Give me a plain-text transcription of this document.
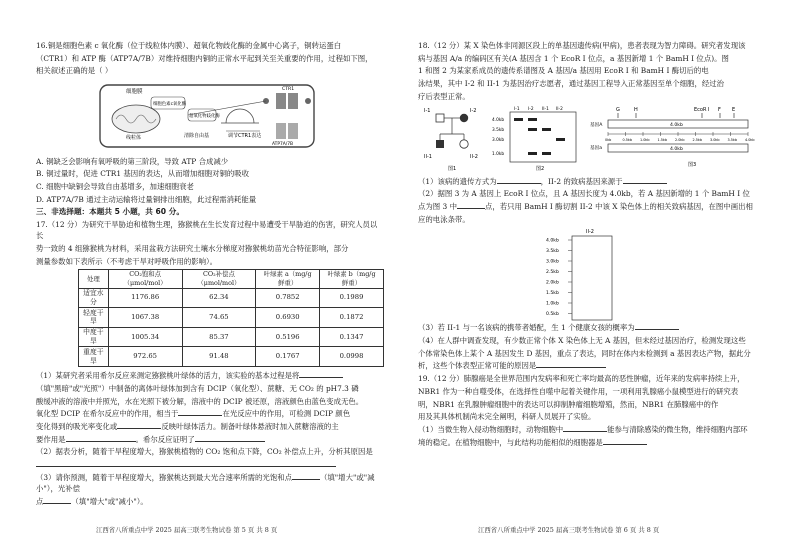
16.铜是细胞色素 c 氧化酶（位于线粒体内膜）、超氧化物歧化酶的金属中心离子，铜转运蛋白

（CTR1）和 ATP 酶（ATP7A/7B）对维持细胞内铜的正常水平起到关至关重要的作用，过程如下图，

相关叙述正确的是（ ）

细胞膜
线粒体
细胞色素c氧化酶
超氧化物歧化酶
清除自由基	调节CTR1表达
CTR1
ATP7A/7B

A. 铜缺乏会影响有氧呼吸的第三阶段，导致 ATP 合成减少

B. 铜过量时，促进 CTR1 基因的表达，从而增加细胞对铜的吸收

C. 细胞中缺铜会导致自由基增多，加速细胞衰老

D. ATP7A/7B 通过主动运输将过量铜排出细胞，此过程需消耗能量

三、非选择题：本题共 5 小题，共 60 分。

17.（12 分）为研究干旱胁迫和植物生理，猕猴桃在生长发育过程中易遭受干旱胁迫的伤害，研究人员以长

势一致的 4 组猕猴桃为材料，采用盆栽方法研究土壤水分梯度对猕猴桃幼苗光合特征影响，部分

测量参数如下表所示（不考虑干旱对呼吸作用的影响）。

处理	CO₂饱和点（μmol/mol）	CO₂补偿点（μmol/mol）	叶绿素 a（mg/g 鲜重）	叶绿素 b（mg/g 鲜重）
适宜水分	1176.86	62.34	0.7852	0.1989
轻度干旱	1067.38	74.65	0.6930	0.1872
中度干旱	1005.34	85.37	0.5196	0.1347
重度干旱	972.65	91.48	0.1767	0.0998

（1）某研究者采用希尔反应来测定猕猴桃叶绿体的活力，该实验的基本过程是将

（填"黑暗"或"光照"）中制备的离体叶绿体加到含有 DCIP（氧化型）、蔗糖、无 CO₂ 的 pH7.3 磷

酸缓冲液的溶液中并照光，水在光照下被分解，溶液中的 DCIP 被还原，溶液颜色由蓝色变成无色。

氧化型 DCIP 在希尔反应中的作用，相当于	在光反应中的作用，可检测 DCIP 颜色

变化得到的吸光率变化或	反映叶绿体活力。制备叶绿体悬液时加入蔗糖溶液的主

要作用是	。希尔反应证明了

（2）据表分析，随着干旱程度增大，猕猴桃植物的 CO₂ 饱和点下降，CO₂ 补偿点上升，分析其原因是

（3）请你预测，随着干旱程度增大，猕猴桃达到最大光合速率所需的光饱和点	（填"增大"或"减小"），光补偿

点	（填"增大"或"减小"）。

江西省八所重点中学 2025 届高三联考生物试卷 第 5 页 共 8 页

18.（12 分）某 X 染色体非同源区段上的单基因遗传病(甲病)，患者表现为智力障碍。研究者发现该

病与基因 A/a 的编码区有关(A 基因含 1 个 EcoR I 位点，a 基因新增 1 个 BamH I 位点)。图

1 和图 2 为某家系成员的遗传系谱图及 A 基因/a 基因用 EcoR I 和 BamH I 酶切后的电

泳结果，其中 I-2 和 II-1 为基因治疗志愿者，通过基因工程导入正常基因至单个细胞，经过治

疗后表型正常。

I-1	I-2
II-1	II-2
图1
I-1 I-2 II-1 II-2
4.0kb
3.5kb
3.0kb
1.0kb
图2
G	H	EcoR I F E
基因A	4.0kb
0kb	0.5kb 1.0kb 1.5kb 2.0kb 2.5kb 3.0kb 3.5kb 4.0kb
基因a	4.0kb
图3

（1）该病的遗传方式为	，II-2 的致病基因来源于

（2）据图 3 为 A 基因上 EcoR I 位点，且 A 基因长度为 4.0kb，若 A 基因新增的 1 个 BamH I 位

点为图 3 中	点，若只用 BamH I 酶切割 II-2 中该 X 染色体上的相关致病基因，在图中画出相

应的电泳条带。

II-2
4.0kb
3.5kb
3.0kb
2.5kb
2.0kb
1.5kb
1.0kb
0.5kb

（3）若 II-1 与一名该病的携带者婚配，生 1 个健康女孩的概率为

（4）在人群中调查发现，有少数正常个体 X 染色体上无 A 基因，但未经过基因治疗，检测发现这些

个体常染色体上某个 A 基因发生 D 基因，重点了表达，同时在体内未检测到 a 基因表达产物，据此分

析，这些个体表型正常可能的原因是

19.（12 分）肺腺癌是全世界范围内发病率和死亡率均最高的恶性肿瘤，近年来的发病率持续上升，

NBR1 作为一种自噬受体，在选择性自噬中起着关键作用，一项利用乳腺癌小鼠模型进行的研究表

明，NBR1 在乳腺肿瘤细胞中的表达可以抑制肿瘤细胞增殖，然而，NBR1 在肺腺癌中的作

用及其具体机制尚未完全阐明，科研人员展开了实验。

（1）当微生物入侵动物细胞时，动物细胞中	能参与清除感染的微生物，维持细胞内部环

境的稳定。在植物细胞中，与此结构功能相似的细胞器是

江西省八所重点中学 2025 届高三联考生物试卷 第 6 页 共 8 页
